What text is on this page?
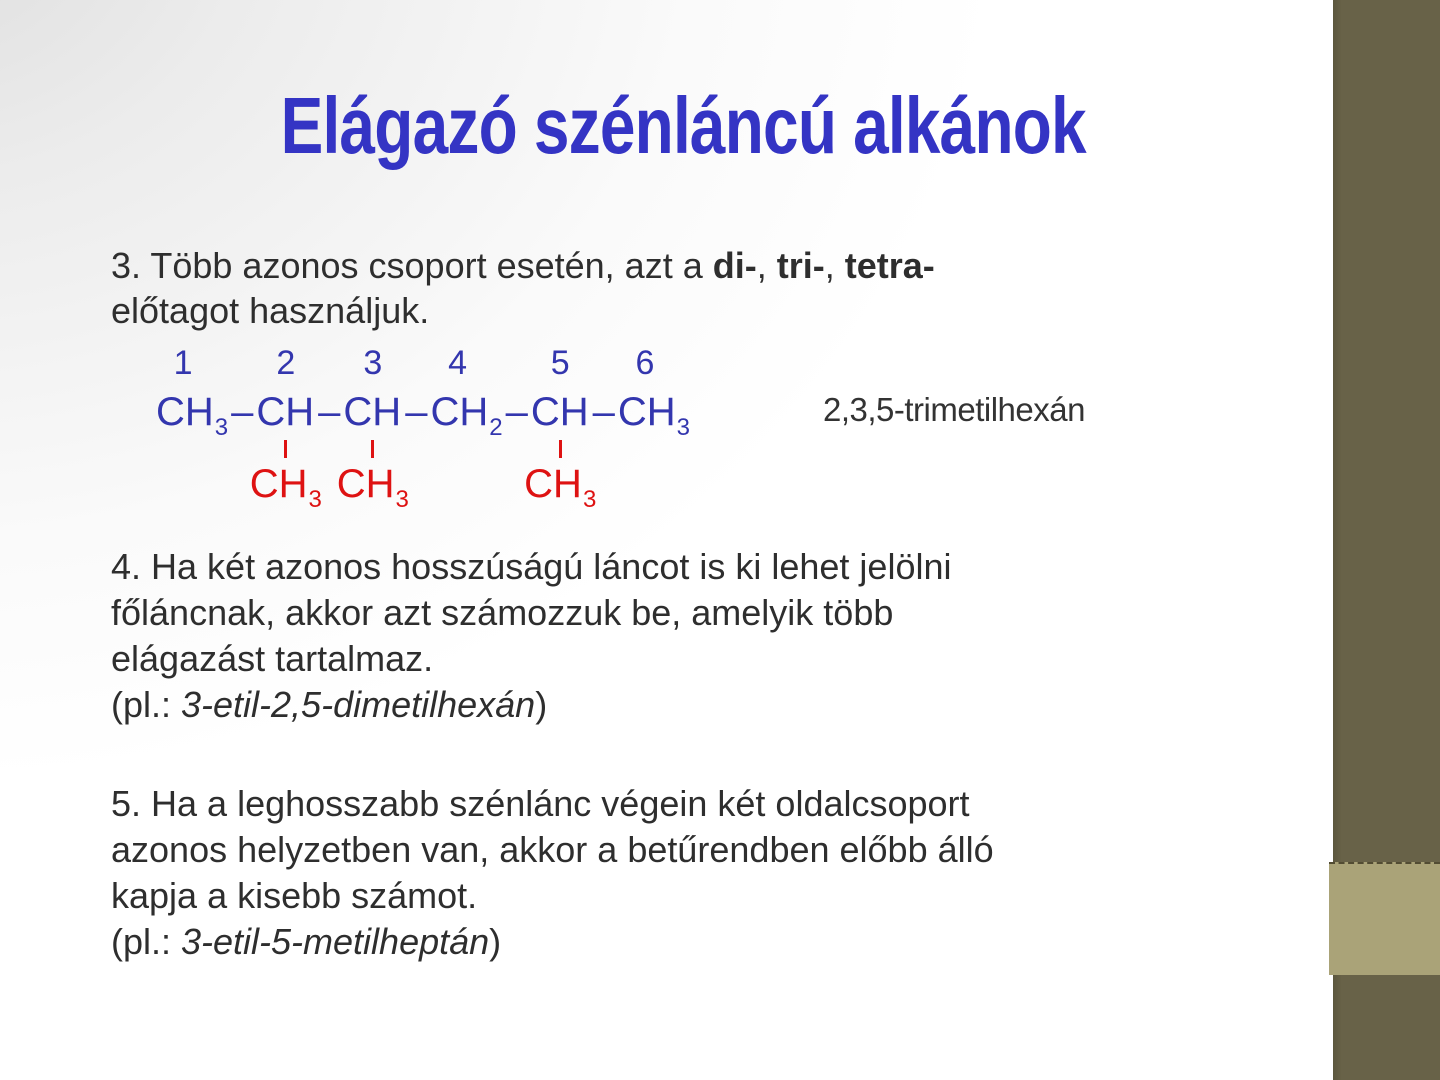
Elágazó szénláncú alkánok
3. Több azonos csoport esetén, azt a di-, tri-, tetra-
előtagot használjuk.
1
$CH_3$ –
2
CH
$CH_3$
–
3
CH
$CH_3$
–
4
$CH_2$ –
5
CH
$CH_3$
–
6
$CH_3$	2,3,5-trimetilhexán
4. Ha két azonos hosszúságú láncot is ki lehet jelölni
főláncnak, akkor azt számozzuk be, amelyik több
elágazást tartalmaz.
(pl.: 3-etil-2,5-dimetilhexán)
5. Ha a leghosszabb szénlánc végein két oldalcsoport
azonos helyzetben van, akkor a betűrendben előbb álló
kapja a kisebb számot.
(pl.: 3-etil-5-metilheptán)
